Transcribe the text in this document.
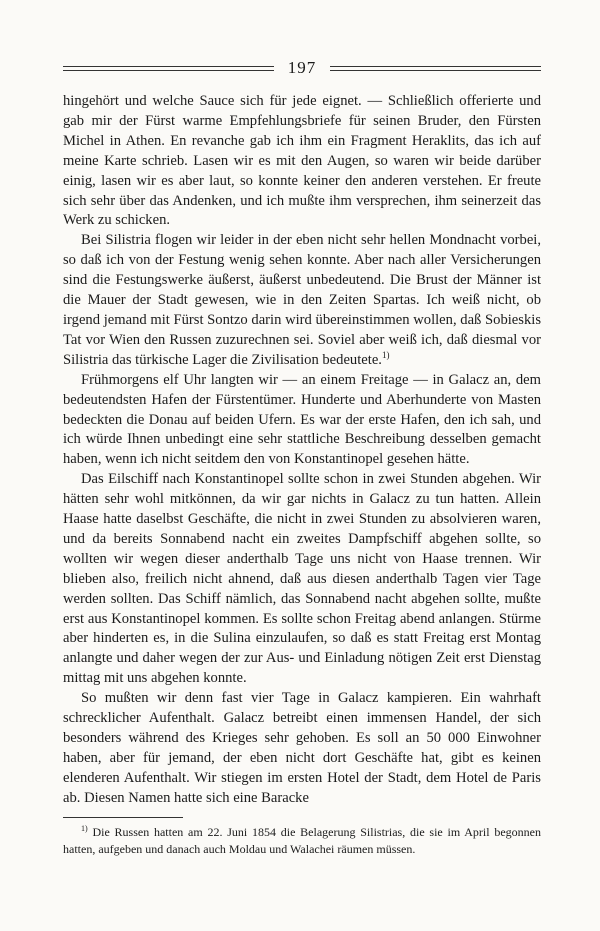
197

hingehört und welche Sauce sich für jede eignet. — Schließlich offerierte und gab mir der Fürst warme Empfehlungsbriefe für seinen Bruder, den Fürsten Michel in Athen. En revanche gab ich ihm ein Fragment Heraklits, das ich auf meine Karte schrieb. Lasen wir es mit den Augen, so waren wir beide darüber einig, lasen wir es aber laut, so konnte keiner den anderen verstehen. Er freute sich sehr über das Andenken, und ich mußte ihm versprechen, ihm seinerzeit das Werk zu schicken.

Bei Silistria flogen wir leider in der eben nicht sehr hellen Mondnacht vorbei, so daß ich von der Festung wenig sehen konnte. Aber nach aller Versicherungen sind die Festungswerke äußerst, äußerst unbedeutend. Die Brust der Männer ist die Mauer der Stadt gewesen, wie in den Zeiten Spartas. Ich weiß nicht, ob irgend jemand mit Fürst Sontzo darin wird übereinstimmen wollen, daß Sobieskis Tat vor Wien den Russen zuzurechnen sei. Soviel aber weiß ich, daß diesmal vor Silistria das türkische Lager die Zivilisation bedeutete.$^{1)}$

Frühmorgens elf Uhr langten wir — an einem Freitage — in Galacz an, dem bedeutendsten Hafen der Fürstentümer. Hunderte und Aberhunderte von Masten bedeckten die Donau auf beiden Ufern. Es war der erste Hafen, den ich sah, und ich würde Ihnen unbedingt eine sehr stattliche Beschreibung desselben gemacht haben, wenn ich nicht seitdem den von Konstantinopel gesehen hätte.

Das Eilschiff nach Konstantinopel sollte schon in zwei Stunden abgehen. Wir hätten sehr wohl mitkönnen, da wir gar nichts in Galacz zu tun hatten. Allein Haase hatte daselbst Geschäfte, die nicht in zwei Stunden zu absolvieren waren, und da bereits Sonnabend nacht ein zweites Dampfschiff abgehen sollte, so wollten wir wegen dieser anderthalb Tage uns nicht von Haase trennen. Wir blieben also, freilich nicht ahnend, daß aus diesen anderthalb Tagen vier Tage werden sollten. Das Schiff nämlich, das Sonnabend nacht abgehen sollte, mußte erst aus Konstantinopel kommen. Es sollte schon Freitag abend anlangen. Stürme aber hinderten es, in die Sulina einzulaufen, so daß es statt Freitag erst Montag anlangte und daher wegen der zur Aus- und Einladung nötigen Zeit erst Dienstag mittag mit uns abgehen konnte.

So mußten wir denn fast vier Tage in Galacz kampieren. Ein wahrhaft schrecklicher Aufenthalt. Galacz betreibt einen immensen Handel, der sich besonders während des Krieges sehr gehoben. Es soll an 50 000 Einwohner haben, aber für jemand, der eben nicht dort Geschäfte hat, gibt es keinen elenderen Aufenthalt. Wir stiegen im ersten Hotel der Stadt, dem Hotel de Paris ab. Diesen Namen hatte sich eine Baracke

$^{1)}$ Die Russen hatten am 22. Juni 1854 die Belagerung Silistrias, die sie im April begonnen hatten, aufgeben und danach auch Moldau und Walachei räumen müssen.
